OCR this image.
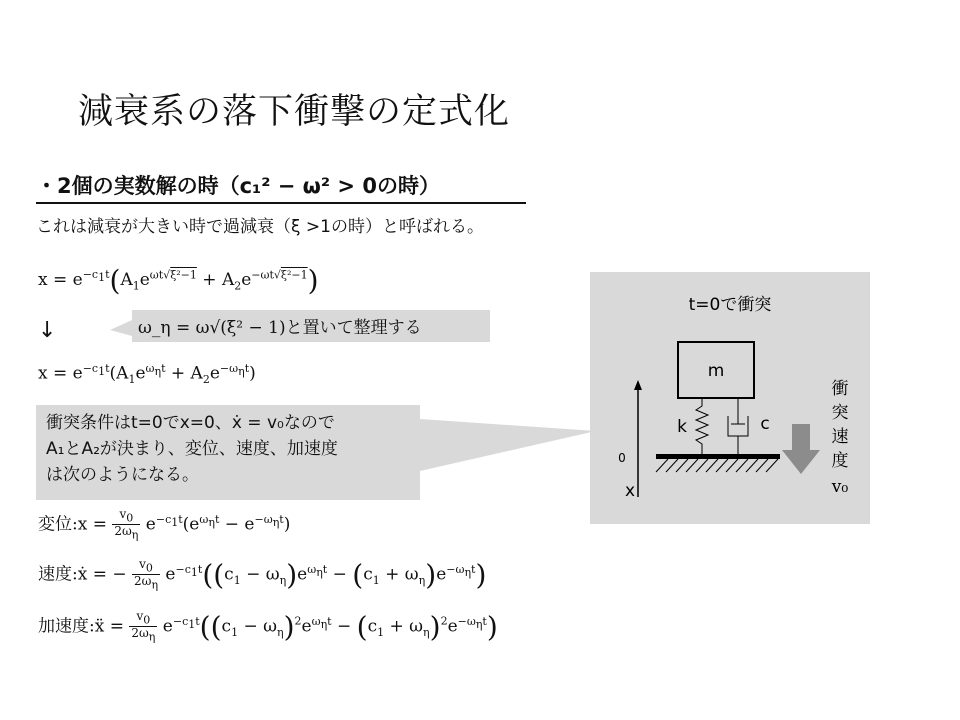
減衰系の落下衝撃の定式化
・2個の実数解の時（c₁² − ω² > 0の時）
これは減衰が大きい時で過減衰（ξ >1の時）と呼ばれる。
$x = e^{-c_1t}(A_1e^{\omega t√\xi^2-1} + A_2e^{-\omega t√\xi^2-1})$
↓	ω_η = ω√(ξ² − 1)と置いて整理する
$x = e^{-c_1t}(A_1e^{\omega_\eta t} + A_2e^{-\omega_\eta t})$
衝突条件はt=0でx=0、ẋ = v₀なので
A₁とA₂が決まり、変位、速度、加速度
は次のようになる。
変位:x = $\frac{v_0}{2\omega_\eta} e^{-c_1t}(e^{\omega_\eta t} - e^{-\omega_\eta t})$
速度:ẋ = − $\frac{v_0}{2\omega_\eta} e^{-c_1t}((c_1 - \omega_\eta)e^{\omega_\eta t} - (c_1 + \omega_\eta)e^{-\omega_\eta t})$
加速度:ẍ = $\frac{v_0}{2\omega_\eta} e^{-c_1t}((c_1 - \omega_\eta)^2e^{\omega_\eta t} - (c_1 + \omega_\eta)^2e^{-\omega_\eta t})$
t=0で衝突
m
k	c
0
x
衝
突
速
度
v₀
